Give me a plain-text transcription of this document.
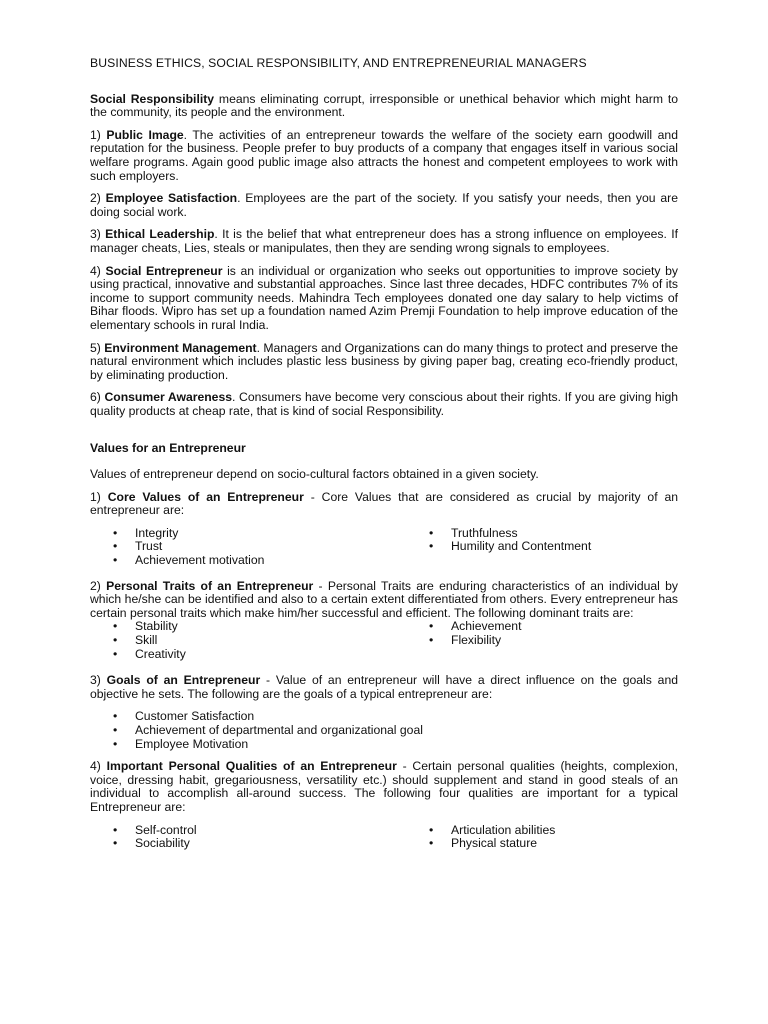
BUSINESS ETHICS, SOCIAL RESPONSIBILITY, AND ENTREPRENEURIAL MANAGERS

Social Responsibility means eliminating corrupt, irresponsible or unethical behavior which might harm to the community, its people and the environment.

1) Public Image. The activities of an entrepreneur towards the welfare of the society earn goodwill and reputation for the business. People prefer to buy products of a company that engages itself in various social welfare programs. Again good public image also attracts the honest and competent employees to work with such employers.

2) Employee Satisfaction. Employees are the part of the society. If you satisfy your needs, then you are doing social work.

3) Ethical Leadership. It is the belief that what entrepreneur does has a strong influence on employees. If manager cheats, Lies, steals or manipulates, then they are sending wrong signals to employees.

4) Social Entrepreneur is an individual or organization who seeks out opportunities to improve society by using practical, innovative and substantial approaches. Since last three decades, HDFC contributes 7% of its income to support community needs. Mahindra Tech employees donated one day salary to help victims of Bihar floods. Wipro has set up a foundation named Azim Premji Foundation to help improve education of the elementary schools in rural India.

5) Environment Management. Managers and Organizations can do many things to protect and preserve the natural environment which includes plastic less business by giving paper bag, creating eco-friendly product, by eliminating production.

6) Consumer Awareness. Consumers have become very conscious about their rights. If you are giving high quality products at cheap rate, that is kind of social Responsibility.

Values for an Entrepreneur

Values of entrepreneur depend on socio-cultural factors obtained in a given society.

1) Core Values of an Entrepreneur - Core Values that are considered as crucial by majority of an entrepreneur are:

• Integrity	• Truthfulness
• Trust	• Humility and Contentment
• Achievement motivation

2) Personal Traits of an Entrepreneur - Personal Traits are enduring characteristics of an individual by which he/she can be identified and also to a certain extent differentiated from others. Every entrepreneur has certain personal traits which make him/her successful and efficient. The following dominant traits are:

• Stability	• Achievement
• Skill	• Flexibility
• Creativity

3) Goals of an Entrepreneur - Value of an entrepreneur will have a direct influence on the goals and objective he sets. The following are the goals of a typical entrepreneur are:

• Customer Satisfaction
• Achievement of departmental and organizational goal
• Employee Motivation

4) Important Personal Qualities of an Entrepreneur - Certain personal qualities (heights, complexion, voice, dressing habit, gregariousness, versatility etc.) should supplement and stand in good steals of an individual to accomplish all-around success. The following four qualities are important for a typical Entrepreneur are:

• Self-control	• Articulation abilities
• Sociability	• Physical stature
